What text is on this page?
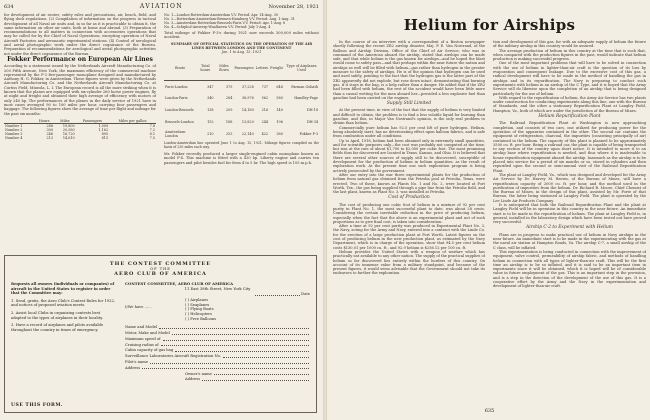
634	AVIATION	November 28, 1921
for development of air routes; safety rules and precautions, air, beach, field, and flying deck regulations. (2) Compilation of information on the progress in tactical development of all Naval air units and, in so far as it is practicable to obtain it, the same information on other air units, both at home and abroad. (3) Preparation of recommendations to all matters in connection with accessories operations that may be called for by the Chief of Naval Operations, excepting operation of Naval Aircraft Factories and aeronautic experimental stations. (4) Control of aerological and aerial photographic work under the direct cognizance of the Bureau. Preparation of recommendations for aerological and aerial photographic activities not under the direct cognizance of the Bureau.
Fokker Performance on European Air Lines
According to a statement issued by the Netherlands Aircraft Manufacturing Co. of 200 Fifth Avenue, New York, the maximum efficiency of the commercial machine represented by the F-3 five-passenger monoplane designed and manufactured by Anthony H. G. Fokker, in Amsterdam. These figures were given by the Netherlands Aircraft Manufacturing Co. and the Netherlands Aircraft Manufacturing Co. at Curtiss Field, Mineola, L. I. The European record is all the more striking when it is known that the planes are equipped with six-cylinder 260 horse power engines, fly at night and freight and obtained their high average of efficiency with motors of only 240 hp. The performances of the planes in the daily service of 1921 have in most cases averaged 90 to 100 miles per hour, carrying four passengers and baggage. The following figures show the average of time per flight and mileage for the past six months:
	Hours	Miles	Passengers	Miles per gallon
Number 1	288	19,800	1,009	7.8
Number 2	300	20,580	1,162	7.2
Number 3	246	16,720	895	8.1
Number 4	213	14,610	815	7.5
No. 1—London-Rotterdam-Amsterdam V.V. Period: Apr. 14-Aug. 30
No. 2—Rotterdam-Amsterdam-Bremen-Hamburg V.V. Period: Aug. 1-Aug. 31
No. 3—Amsterdam-Rotterdam-Brussels-Paris V.V. Period: Apr. 1-Aug. 8
No. 4—Schiphol-Antwerp-Waalhaven V.V. Period: July 1-Aug. 4
Total mileage of Fokker F-3's during 1921 now exceeds 300,000 miles without accident.
SUMMARY OF OFFICIAL STATISTICS ON THE OPERATION OF THE AIR LINES BETWEEN LONDON AND THE CONTINENT
Jan. 1 to Aug. 15, 1921
Route	Total hours	Miles flown	Passengers	Letters	Freight	Type of Airplanes Used
Paris-London	347	375	37,228	737	648	Farman Goliath
London-Paris	340	284	38,976	562	580	Handley-Page
London-Brussels	138	209	14,180	216	140	DH-18
Brussels-London	152	188	13,820	244	196	DH-34
Amsterdam-London	210	253	22,140	422	380	Fokker F-3
London-Amsterdam line operated June 1 to Aug. 15, 1921. Mileage figures compiled on the basis of 230 miles each way.
Mr. Fokker recently produced a larger single-engined cabin monoplane known as model F-4. This machine is fitted with a 420 hp. Liberty engine and carries ten passengers and pilot besides fuel for from 4 to 5 hr. The high speed is 105 m.p.h.
THE CONTEST COMMITTEE
OF THE
AERO CLUB OF AMERICA
Requests all owners (individuals or companies) of aircraft in the United States to register in order that the Committee may:
1. Send, gratis, the Aero Club's Contest Rules for 1922, and notices of proposed aviation meets.
2. Assist local Clubs in organizing contests best adapted to the types of airplanes in their locality.
3. Have a record of airplanes and pilots available throughout the country in times of emergency.
CONTEST COMMITTEE, AERO CLUB OF AMERICA
11 East 38th Street, New York City
Date
I/We have ......
( ) Airplanes
( ) Seaplanes
( ) Flying Boats
( ) Helicopters
( ) Free Balloons
Name and Model
Motor, Make and Model
Maximum speed of
Cruising radius of
Cabin capacity of gas bag
Surveillance Laboratories Aircraft Registration No.
Pilot's name
Address
Owner's name
Address
USE THIS FORM.
Helium for Airships
In the course of an interview with a correspondent of a Boston newspaper shortly following the recent ZR2 airship disaster, Maj. P. E. Van Nostrand, of the Balloon and Airship Division, Office of the Chief of Air Service, who was in command of the American aboard the airship, stated that airships can be made safe, and that while helium is the gas known for airships—and he hoped the blast would come to safety pass—and that perhaps within the near future the nation and airships as well will be filled with helium—gas rather than hydrogen in the greater measure to the safety of airships. He is of the opinion that hydrogen can be used and used safely, pointing to the fact that the hydrogen gas is the latter part of the ZR2 apparently did not explode, but rose down intact, demonstrating that burning gas, if it stays in the bag, is a help rather than a danger. He added that if the ZR2 had been filled with helium, the rest of the accident would have been little more than a casual wetting for the men aboard her—provided a less explosive fuel than gasoline had been carried on the engines.
Supply Still Limited
At the present time, in view of the fact that the supply of helium is very limited and difficult to obtain, the problem is to find a less volatile liquid for burning than gasoline, and this, in Major Van Nostrand's opinion, is the only real problem to obtain than helium.
Commercially pure helium has 92.5 per cent lift of pure hydrogen. Helium, being absolutely inert, has no deteriorating effect upon balloon fabrics, and is safe from combustion under all conditions.
Up to April, 1918, helium had been obtained only in extremely small quantities, and for scientific purposes only—the cost was probably not computed at the time, but was at the rate of about $1,700 to $2,000 per cubic foot. The most promising fields thus far discovered are located in Texas, Kansas, and Ohio. It is believed that there are several other sources of supply still to be discovered, susceptible of development for the production of helium in helium quantities, as the result of exploration work. At the present time one such exploration program is being actively prosecuted by the government.
After our entry into the war three experimental plants for the production of helium from natural gas obtained from the Petrolia pool at Petrolia, Texas, were erected. Two of these, known as Plants No. 1 and No. 2, were located at Fort Worth, Tex., the gas being supplied through a pipe line from the Petrolia field, and the last plant, known as Plant No. 3, was installed at Petrolia.
Cost of Production
The cost of producing one cubic foot of helium in a mixture of 92 per cent purity in Plant No. 1, the most successful plant to date, was about 28 cents. Considering the certain inevitable reduction in the price of producing helium, especially when the fact that the above is an experimental plant and not of such proportions as to give final cost, is taken into consideration.
After a time at 92 per cent purity was produced in Experimental Plant No. 3, the Navy, acting for the Army and Navy, entered into a contract with the Linde Co. for the erection of a large production plant at Fort Worth. Latest figures on the cost of producing helium in the new production plant, as estimated by the Navy Department, which is in charge of the operation, show that 94.5 per cent helium costs $130.01 per 1000 cu. ft., and 92.9 helium is $256.12 per 100 cu. ft.
Helium provides the United States with a weapon of warfare which has practically not available to any other nation. The supply of the practical supplies of helium so far discovered lies entirely within the borders of this country. On account of its immense value from a military standpoint, and because of the present figures, it would seem advisable that the Government should not take its endeavors to further the exploration
tion and development of this gas, for with an adequate supply of helium the future of the military airship in this country would be assured.
The average production of helium in this country at the time that is such that, when compared with the production figures in the past, would indicate that helium production is making successful progress.
One of the most important problems that will have to be solved in connection with the use of helium in lighter-than-air craft is the question of its loss by evaporation and consequent leakage. Due to the excessive cost of this gas, a radical development will have to be made in the method of handling the gas in airships and in its repurification. The Navy is preparing to conduct such experiments with helium in an airship of the C Type, and it is hoped that the Army Service will do likewise upon the completion of an airship that is being designed particularly for the use of helium.
With regard to the repurification of helium, the Army Air Service has two plants under construction for conducting experiments along this line, one with the Bureau of Standards, and the other a stationary Repurification Plant at Langley Field, Hampton, Va., both of which are under the jurisdiction of the Bureau of Mines.
Helium Repurification Plant
The Railroad Repurification Plant at Washington is now approaching completion, and consists of two cars, one utilized for producing power for the operation of the apparatus contained in the other. The second car contains the equipment of refrigeration, charcoal, the impurities (consisting principally of air) contained in the helium. The capacity of this plant is planned to be approximately 3500 cu. ft. per hour. Being a railroad car, the plant is capable of being transported to any section of the country upon short notice. It is intended to move it to an airship base where repurification is needed, and thus where it is inadvisable to house repurification equipment aboard the airship. Inasmuch as the airship is to be placed into service for a period of six months or so, stored in cylinders and then repurified upon the second or semi-annual visit of the Railroad Repurification Plant.
The plant at Langley Field, Va., which was designed and developed for the Army Air Service by Dr. Harvey M. Brown, of the Bureau of Mines, will have a repurification capacity of 2000 cu. ft. per hour, and the method used in the purification of impurities from the helium. Dr. Richard B. Moore, Chief Chemist of the Bureau of Mines, in the design of this plant, assisted by Mr. Forte of that Bureau, the latter being stationed at Langley Field. The plant is operated by the Lee Linde Air Products Company.
It is anticipated that both the Railroad Repurification Plant and the plant at Langley Field will be in operation in this country in the near future. An immediate start is to be made in the repurification of helium. The plant at Langley Field is, in general, installed in the laboratory design which have been tested out have proved very successful.
Airship C-2 to Experiment with Helium
Plans are in progress to make practical use of helium in Navy airships in the near future. An immediate start is to be made in the experimenting with the gas at the naval air station at Hampton Roads, Va. The airship C-7, a small airship of the C class, will be inflated.
This experimentation is being conducted in connection with the improvement of equipment, valve control, permeability of airship fabric, and methods of handling helium in connection with all types of lighter-than-air craft. This will be the first time an airship is to be so inflated, and it is said to be an important item in experiments since it will be obtained, which it is hoped will be of considerable value in future employment of the gas. This is an important step in the provision, and is a step in the direction of the development of the use of this gas. It is a cooperative effort by the Army and the Navy in the experimentation and development of lighter-than-air craft.
635
